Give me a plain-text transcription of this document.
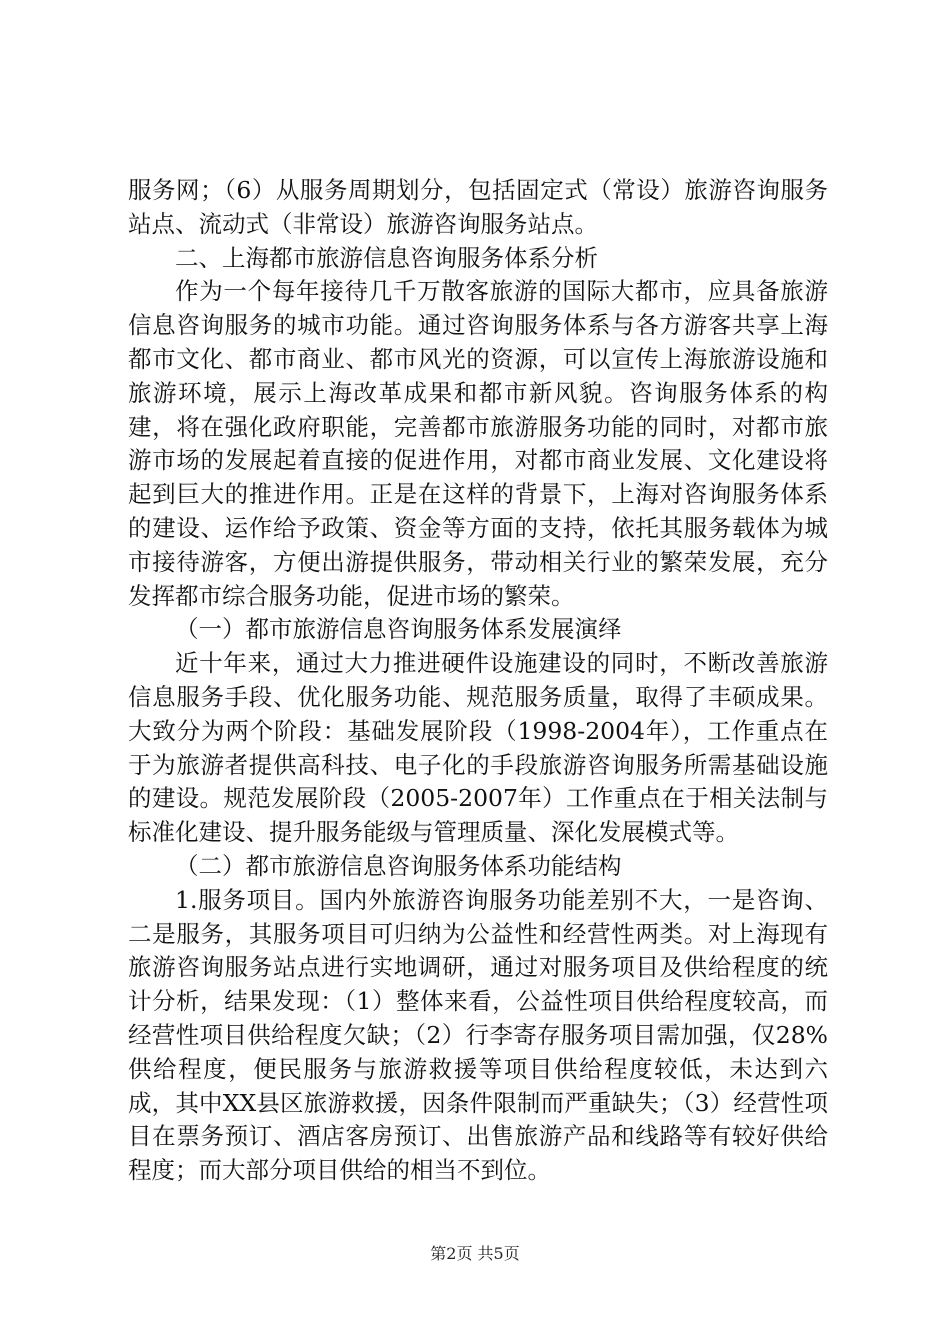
服务网；（6）从服务周期划分，包括固定式（常设）旅游咨询服务站点、流动式（非常设）旅游咨询服务站点。

二、上海都市旅游信息咨询服务体系分析

作为一个每年接待几千万散客旅游的国际大都市，应具备旅游信息咨询服务的城市功能。通过咨询服务体系与各方游客共享上海都市文化、都市商业、都市风光的资源，可以宣传上海旅游设施和旅游环境，展示上海改革成果和都市新风貌。咨询服务体系的构建，将在强化政府职能，完善都市旅游服务功能的同时，对都市旅游市场的发展起着直接的促进作用，对都市商业发展、文化建设将起到巨大的推进作用。正是在这样的背景下，上海对咨询服务体系的建设、运作给予政策、资金等方面的支持，依托其服务载体为城市接待游客，方便出游提供服务，带动相关行业的繁荣发展，充分发挥都市综合服务功能，促进市场的繁荣。

（一）都市旅游信息咨询服务体系发展演绎

近十年来，通过大力推进硬件设施建设的同时，不断改善旅游信息服务手段、优化服务功能、规范服务质量，取得了丰硕成果。大致分为两个阶段：基础发展阶段（1998-2004年），工作重点在于为旅游者提供高科技、电子化的手段旅游咨询服务所需基础设施的建设。规范发展阶段（2005-2007年）工作重点在于相关法制与标准化建设、提升服务能级与管理质量、深化发展模式等。

（二）都市旅游信息咨询服务体系功能结构

1.服务项目。国内外旅游咨询服务功能差别不大，一是咨询、二是服务，其服务项目可归纳为公益性和经营性两类。对上海现有旅游咨询服务站点进行实地调研，通过对服务项目及供给程度的统计分析，结果发现：（1）整体来看，公益性项目供给程度较高，而经营性项目供给程度欠缺；（2）行李寄存服务项目需加强，仅28%供给程度，便民服务与旅游救援等项目供给程度较低，未达到六成，其中XX县区旅游救援，因条件限制而严重缺失；（3）经营性项目在票务预订、酒店客房预订、出售旅游产品和线路等有较好供给程度；而大部分项目供给的相当不到位。

第2页 共5页
